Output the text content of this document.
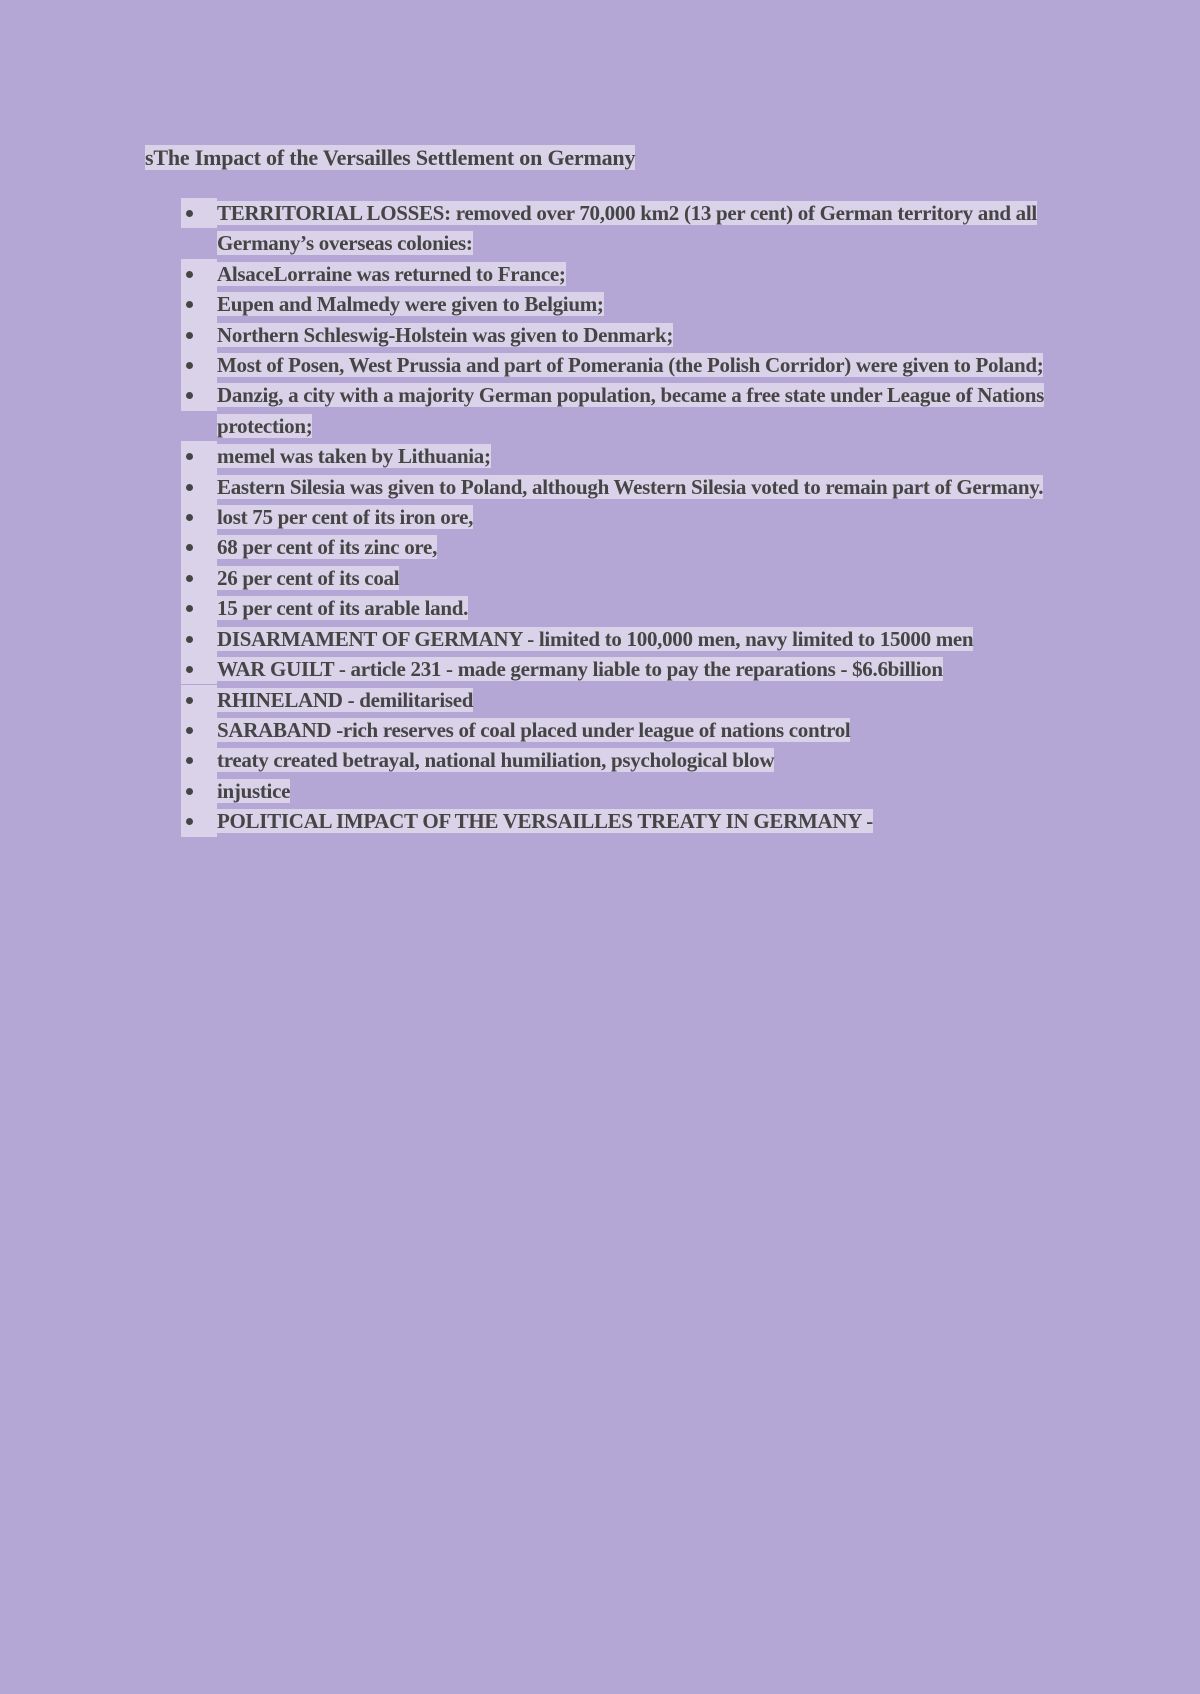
sThe Impact of the Versailles Settlement on Germany

TERRITORIAL LOSSES: removed over 70,000 km2 (13 per cent) of German territory and all Germany’s overseas colonies:
AlsaceLorraine was returned to France;
Eupen and Malmedy were given to Belgium;
Northern Schleswig-Holstein was given to Denmark;
Most of Posen, West Prussia and part of Pomerania (the Polish Corridor) were given to Poland;
Danzig, a city with a majority German population, became a free state under League of Nations protection;
memel was taken by Lithuania;
Eastern Silesia was given to Poland, although Western Silesia voted to remain part of Germany.
lost 75 per cent of its iron ore,
68 per cent of its zinc ore,
26 per cent of its coal
15 per cent of its arable land.
DISARMAMENT OF GERMANY - limited to 100,000 men, navy limited to 15000 men
WAR GUILT - article 231 - made germany liable to pay the reparations - $6.6billion
RHINELAND - demilitarised
SARABAND -rich reserves of coal placed under league of nations control
treaty created betrayal, national humiliation, psychological blow
injustice
POLITICAL IMPACT OF THE VERSAILLES TREATY IN GERMANY -
